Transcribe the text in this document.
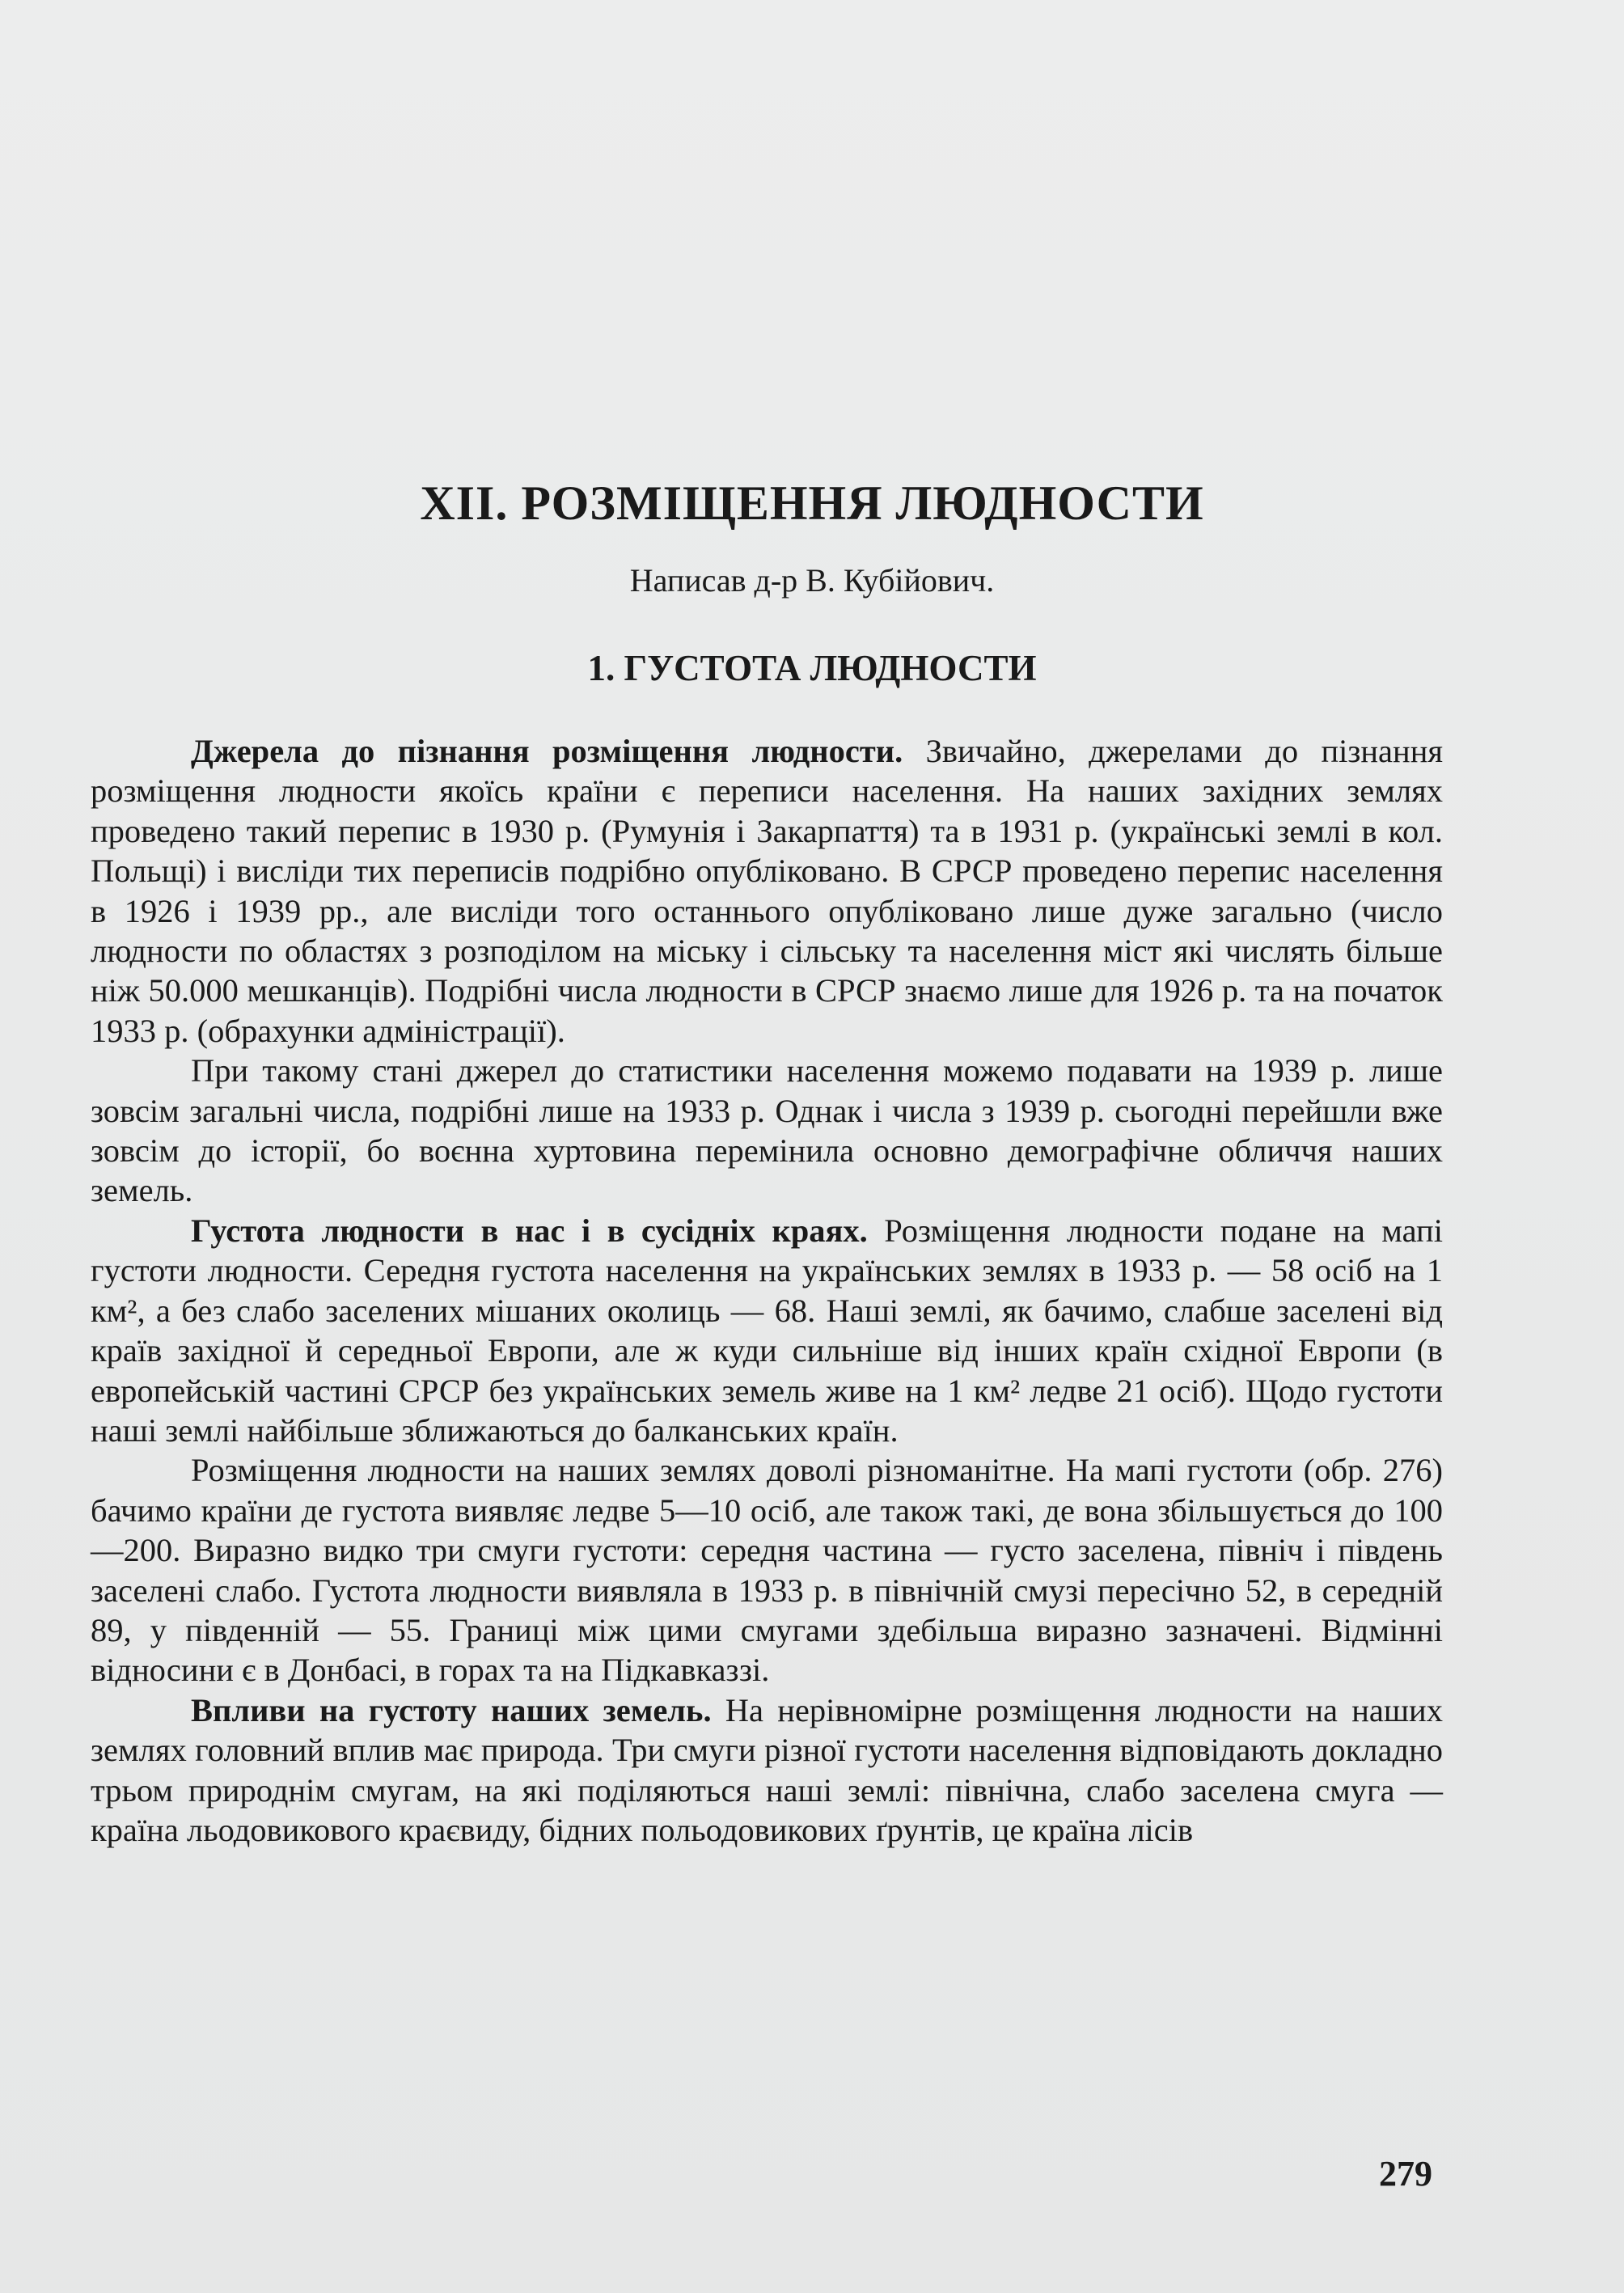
XII. РОЗМІЩЕННЯ ЛЮДНОСТИ
Написав д-р В. Кубійович.
1. ГУСТОТА ЛЮДНОСТИ

Джерела до пізнання розміщення людности. Звичайно, джерелами до пізнання розміщення людности якоїсь країни є переписи населення. На наших західних землях проведено такий перепис в 1930 р. (Румунія і Закарпаття) та в 1931 р. (українські землі в кол. Польщі) і висліди тих переписів подрібно опубліковано. В СРСР проведено перепис населення в 1926 і 1939 рр., але висліди того останнього опубліковано лише дуже загально (число людности по областях з розподілом на міську і сільську та населення міст які числять більше ніж 50.000 мешканців). Подрібні числа людности в СРСР знаємо лише для 1926 р. та на початок 1933 р. (обрахунки адміністрації).

При такому стані джерел до статистики населення можемо подавати на 1939 р. лише зовсім загальні числа, подрібні лише на 1933 р. Однак і числа з 1939 р. сьогодні перейшли вже зовсім до історії, бо воєнна хуртовина перемінила основно демографічне обличчя наших земель.

Густота людности в нас і в сусідніх краях. Розміщення людности подане на мапі густоти людности. Середня густота населення на українських землях в 1933 р. — 58 осіб на 1 км², а без слабо заселених мішаних околиць — 68. Наші землі, як бачимо, слабше заселені від країв західної й середньої Европи, але ж куди сильніше від інших країн східної Европи (в европейській частині СРСР без українських земель живе на 1 км² ледве 21 осіб). Щодо густоти наші землі найбільше зближаються до балканських країн.

Розміщення людности на наших землях доволі різноманітне. На мапі густоти (обр. 276) бачимо країни де густота виявляє ледве 5—10 осіб, але також такі, де вона збільшується до 100—200. Виразно видко три смуги густоти: середня частина — густо заселена, північ і південь заселені слабо. Густота людности виявляла в 1933 р. в північній смузі пересічно 52, в середній 89, у південній — 55. Границі між цими смугами здебільша виразно зазначені. Відмінні відносини є в Донбасі, в горах та на Підкавказзі.

Впливи на густоту наших земель. На нерівномірне розміщення людности на наших землях головний вплив має природа. Три смуги різної густоти населення відповідають докладно трьом природнім смугам, на які поділяються наші землі: північна, слабо заселена смуга — країна льодовикового краєвиду, бідних польодовикових ґрунтів, це країна лісів

279
